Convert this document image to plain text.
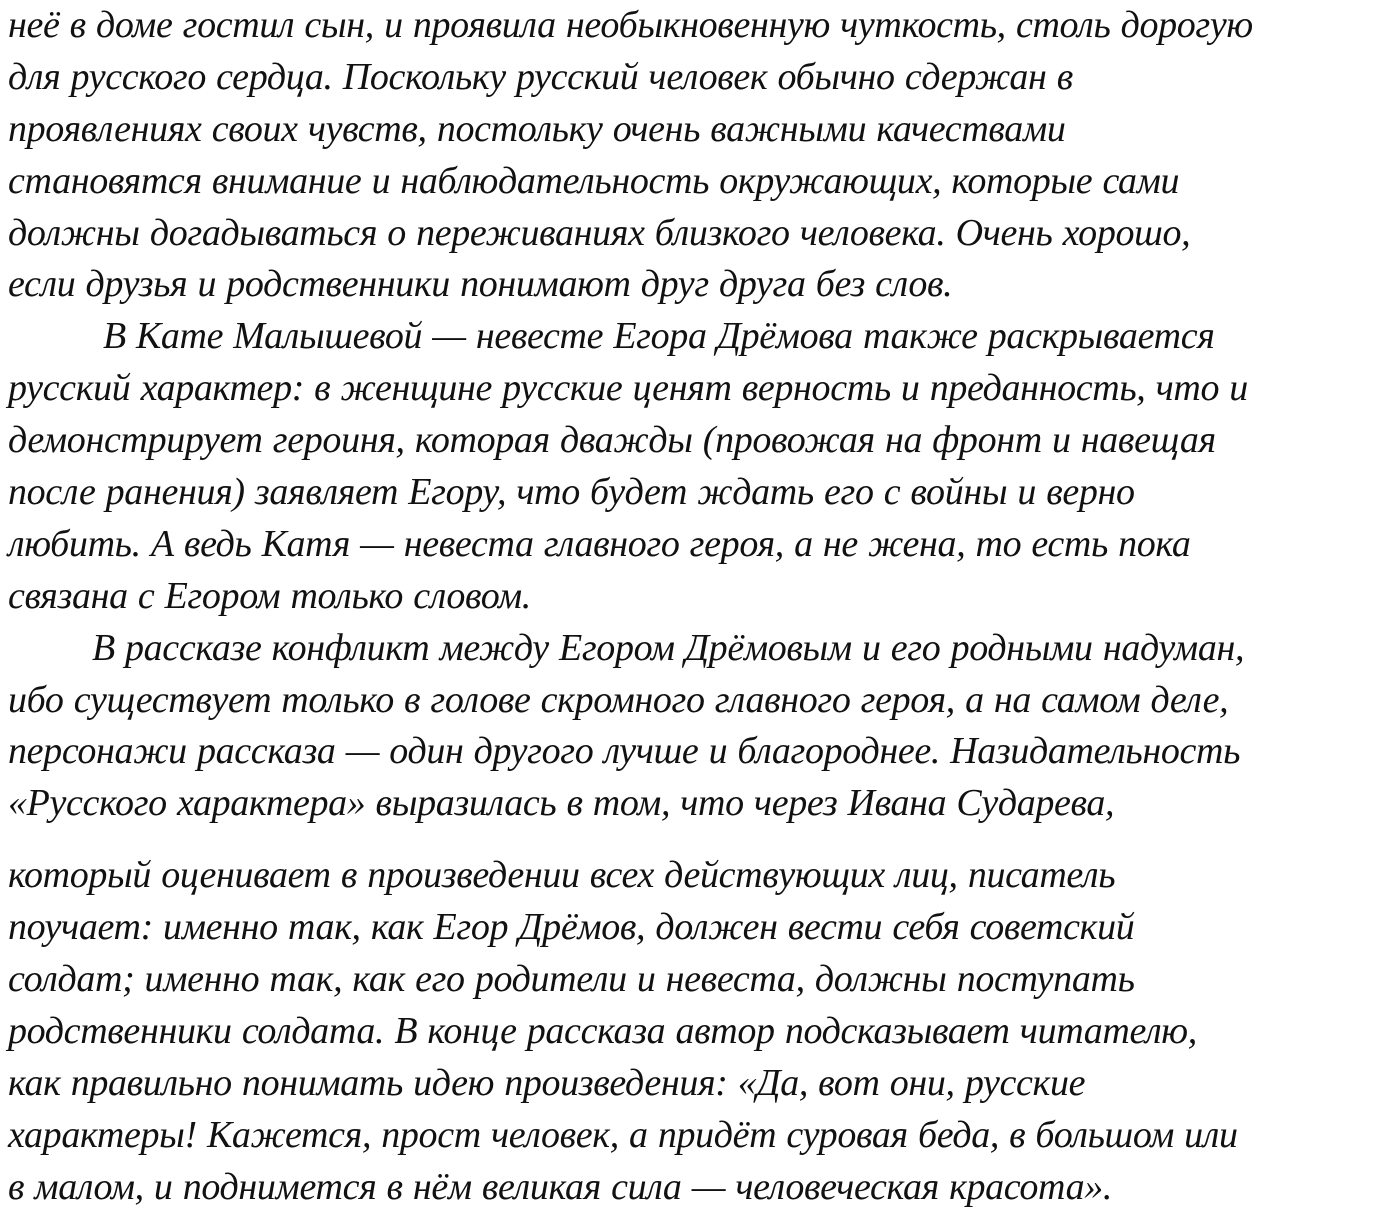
неё в доме гостил сын, и проявила необыкновенную чуткость, столь дорогую
для русского сердца. Поскольку русский человек обычно сдержан в
проявлениях своих чувств, постольку очень важными качествами
становятся внимание и наблюдательность окружающих, которые сами
должны догадываться о переживаниях близкого человека. Очень хорошо,
если друзья и родственники понимают друг друга без слов.
В Кате Малышевой — невесте Егора Дрёмова также раскрывается
русский характер: в женщине русские ценят верность и преданность, что и
демонстрирует героиня, которая дважды (провожая на фронт и навещая
после ранения) заявляет Егору, что будет ждать его с войны и верно
любить. А ведь Катя — невеста главного героя, а не жена, то есть пока
связана с Егором только словом.
В рассказе конфликт между Егором Дрёмовым и его родными надуман,
ибо существует только в голове скромного главного героя, а на самом деле,
персонажи рассказа — один другого лучше и благороднее. Назидательность
«Русского характера» выразилась в том, что через Ивана Сударева,
который оценивает в произведении всех действующих лиц, писатель
поучает: именно так, как Егор Дрёмов, должен вести себя советский
солдат; именно так, как его родители и невеста, должны поступать
родственники солдата. В конце рассказа автор подсказывает читателю,
как правильно понимать идею произведения: «Да, вот они, русские
характеры! Кажется, прост человек, а придёт суровая беда, в большом или
в малом, и поднимется в нём великая сила — человеческая красота».
